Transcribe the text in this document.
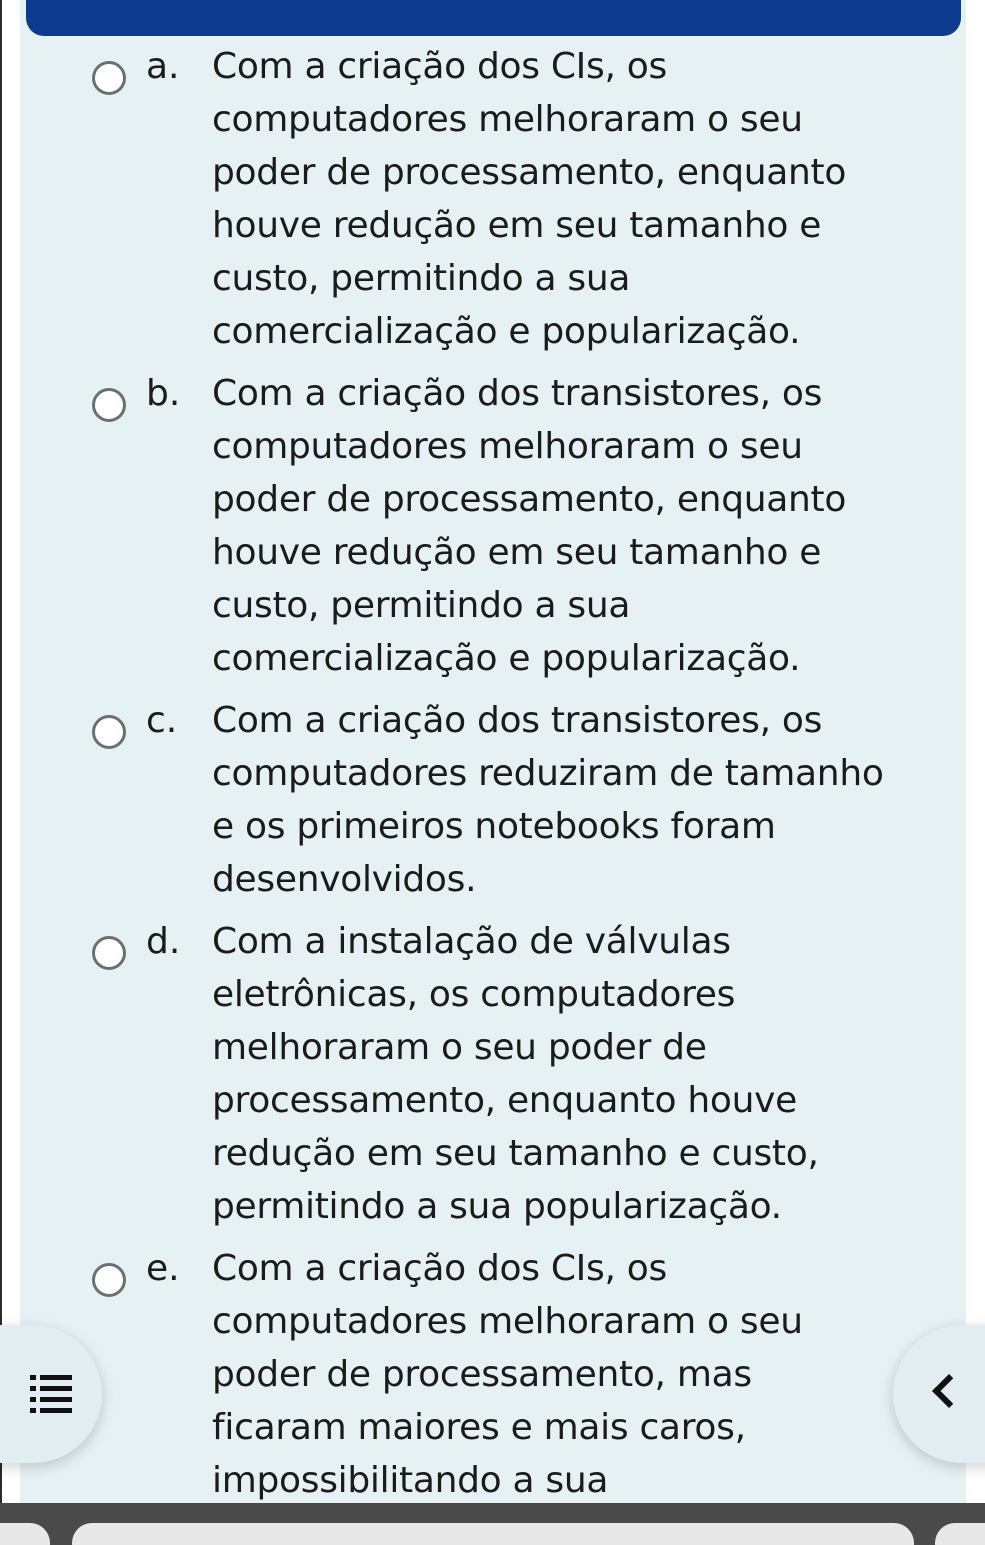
a. Com a criação dos CIs, os computadores melhoraram o seu poder de processamento, enquanto houve redução em seu tamanho e custo, permitindo a sua comercialização e popularização.
b. Com a criação dos transistores, os computadores melhoraram o seu poder de processamento, enquanto houve redução em seu tamanho e custo, permitindo a sua comercialização e popularização.
c. Com a criação dos transistores, os computadores reduziram de tamanho e os primeiros notebooks foram desenvolvidos.
d. Com a instalação de válvulas eletrônicas, os computadores melhoraram o seu poder de processamento, enquanto houve redução em seu tamanho e custo, permitindo a sua popularização.
e. Com a criação dos CIs, os computadores melhoraram o seu poder de processamento, mas ficaram maiores e mais caros, impossibilitando a sua
